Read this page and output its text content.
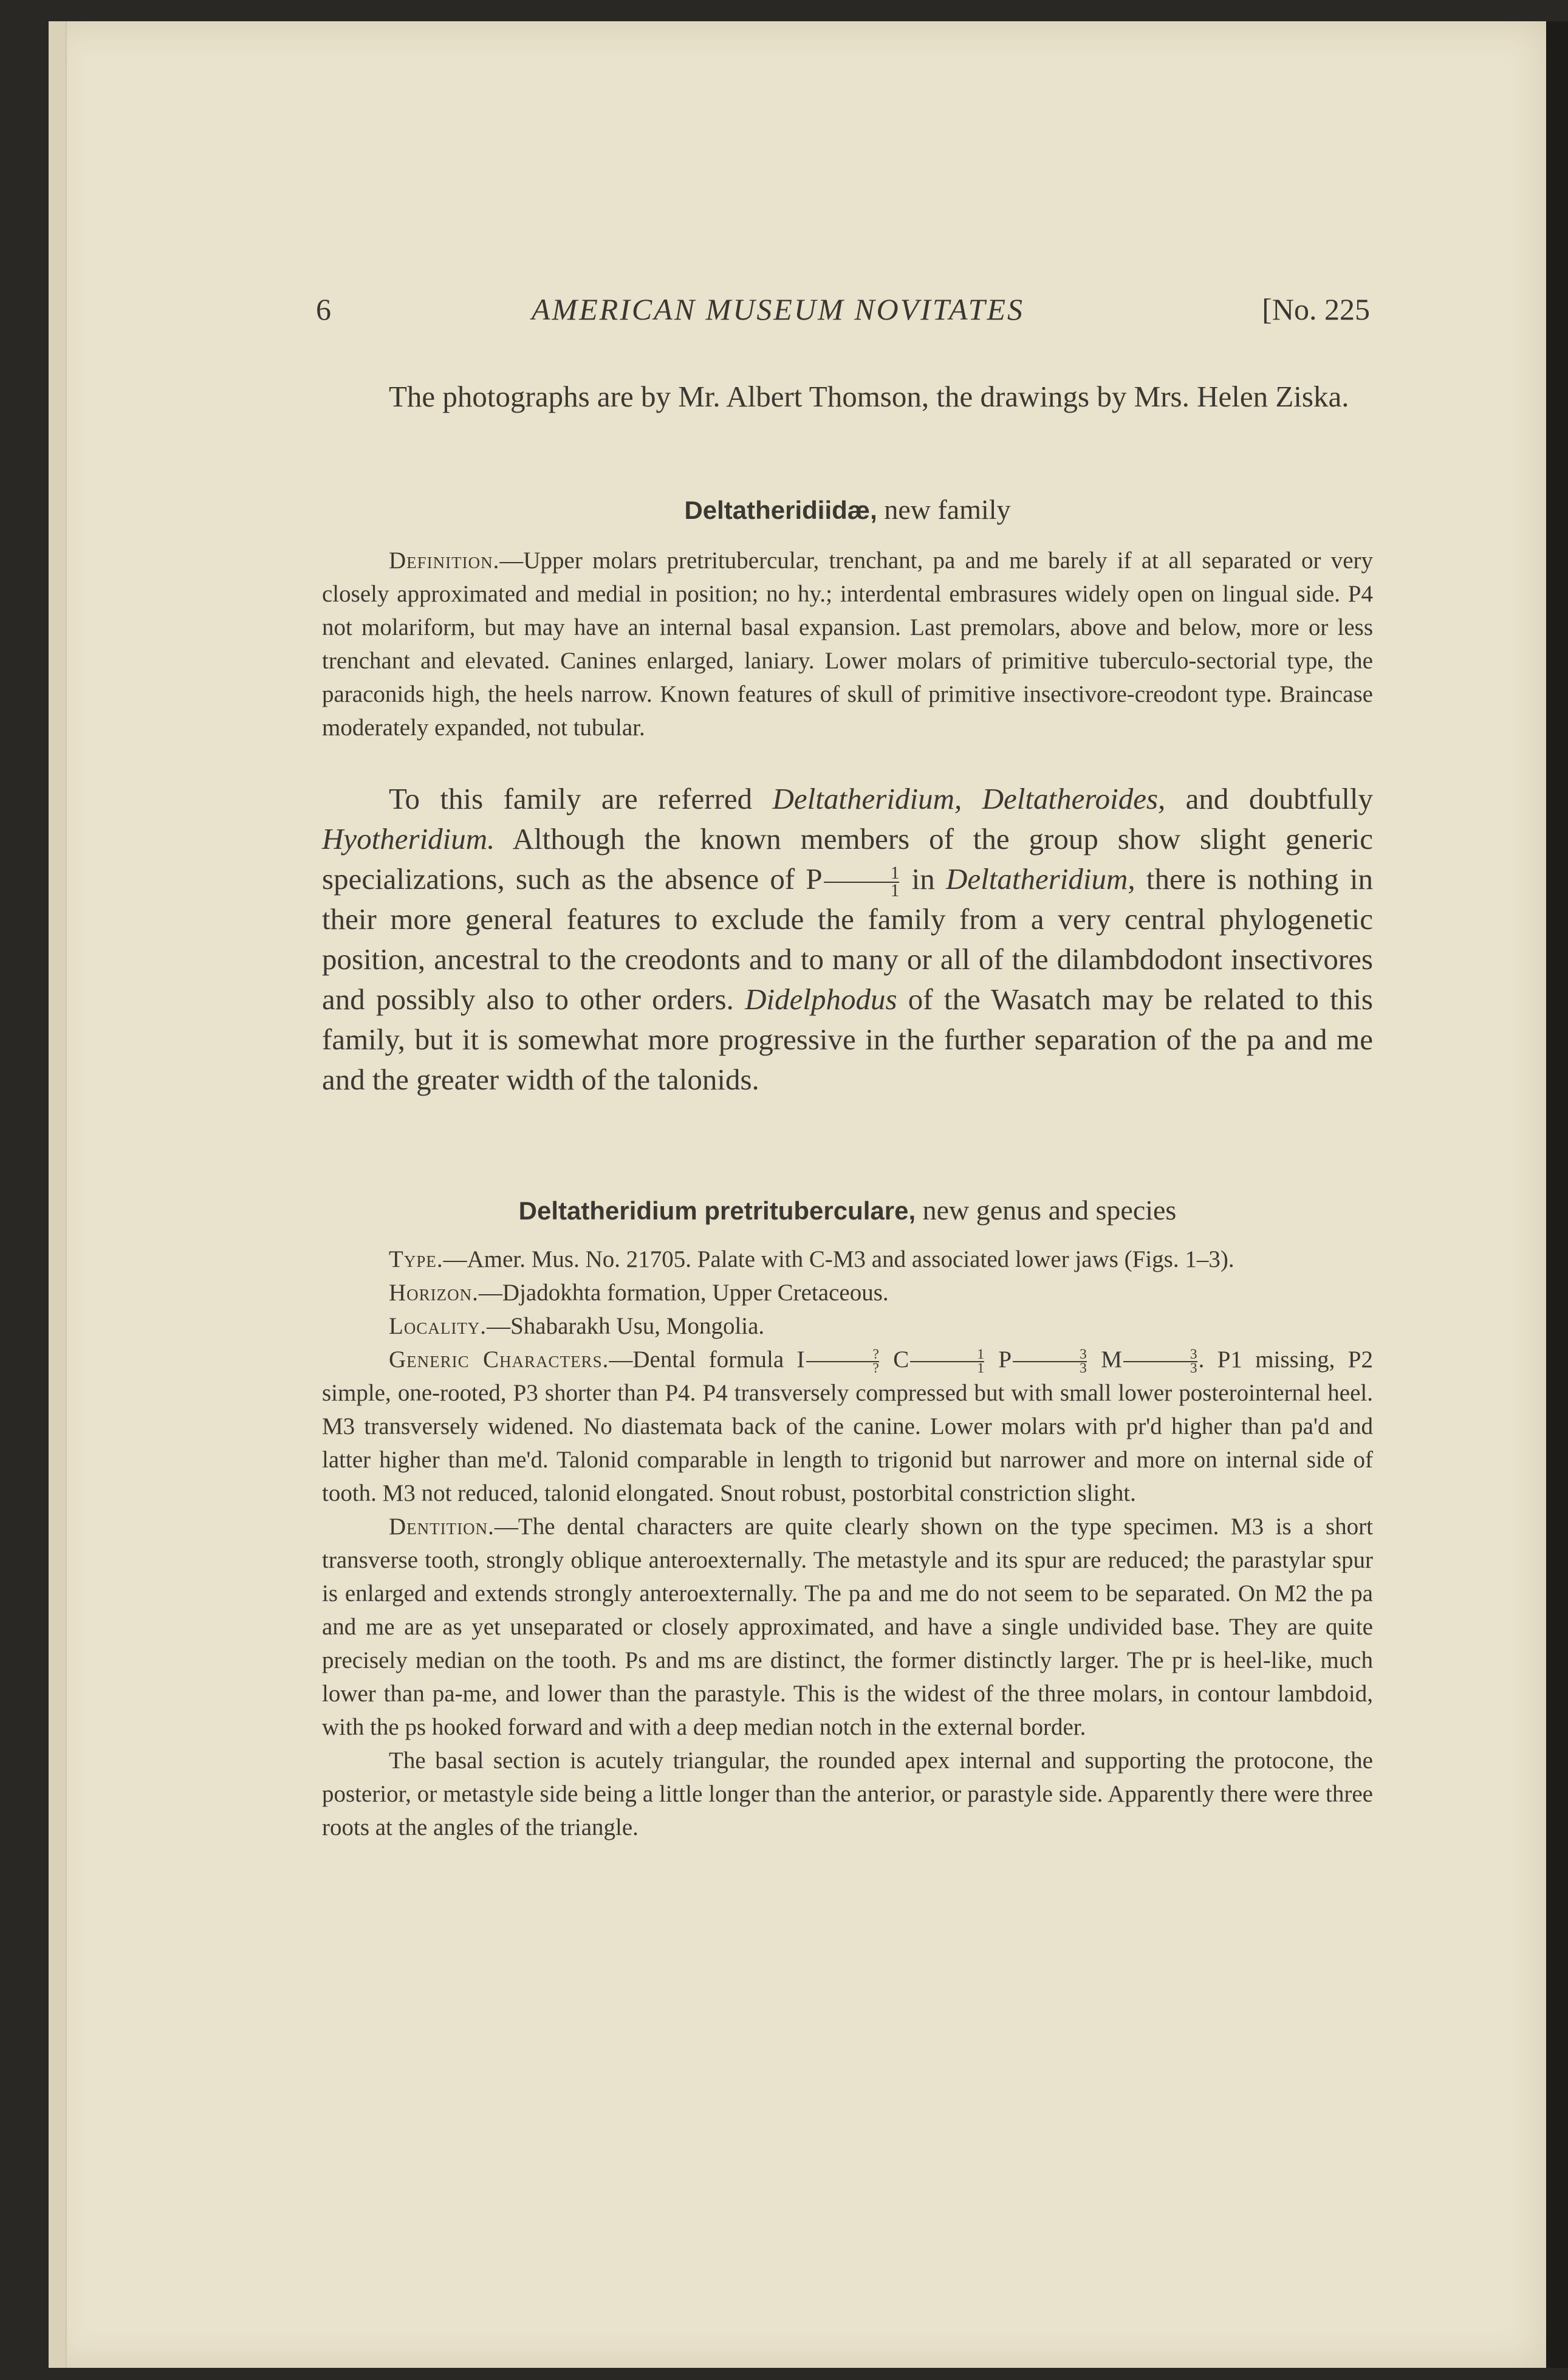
6	AMERICAN MUSEUM NOVITATES	[No. 225

The photographs are by Mr. Albert Thomson, the drawings by Mrs. Helen Ziska.

Deltatheridiidæ, new family

Definition.—Upper molars pretritubercular, trenchant, pa and me barely if at all separated or very closely approximated and medial in position; no hy.; interdental embrasures widely open on lingual side. P4 not molariform, but may have an internal basal expansion. Last premolars, above and below, more or less trenchant and elevated. Canines enlarged, laniary. Lower molars of primitive tuberculo-sectorial type, the paraconids high, the heels narrow. Known features of skull of primitive insectivore-creodont type. Braincase moderately expanded, not tubular.

To this family are referred Deltatheridium, Deltatheroides, and doubtfully Hyotheridium. Although the known members of the group show slight generic specializations, such as the absence of P $\frac{1}{1}$ in Deltatheridium, there is nothing in their more general features to exclude the family from a very central phylogenetic position, ancestral to the creodonts and to many or all of the dilambdodont insectivores and possibly also to other orders. Didelphodus of the Wasatch may be related to this family, but it is somewhat more progressive in the further separation of the pa and me and the greater width of the talonids.

Deltatheridium pretrituberculare, new genus and species

Type.—Amer. Mus. No. 21705. Palate with C-M3 and associated lower jaws (Figs. 1–3).

Horizon.—Djadokhta formation, Upper Cretaceous.

Locality.—Shabarakh Usu, Mongolia.

Generic Characters.—Dental formula I $\frac{?}{?}$ C $\frac{1}{1}$ P $\frac{3}{3}$ M $\frac{3}{3}$ . P1 missing, P2 simple, one-rooted, P3 shorter than P4. P4 transversely compressed but with small lower posterointernal heel. M3 transversely widened. No diastemata back of the canine. Lower molars with pr'd higher than pa'd and latter higher than me'd. Talonid comparable in length to trigonid but narrower and more on internal side of tooth. M3 not reduced, talonid elongated. Snout robust, postorbital constriction slight.

Dentition.—The dental characters are quite clearly shown on the type specimen. M3 is a short transverse tooth, strongly oblique anteroexternally. The metastyle and its spur are reduced; the parastylar spur is enlarged and extends strongly anteroexternally. The pa and me do not seem to be separated. On M2 the pa and me are as yet unseparated or closely approximated, and have a single undivided base. They are quite precisely median on the tooth. Ps and ms are distinct, the former distinctly larger. The pr is heel-like, much lower than pa-me, and lower than the parastyle. This is the widest of the three molars, in contour lambdoid, with the ps hooked forward and with a deep median notch in the external border.

The basal section is acutely triangular, the rounded apex internal and supporting the protocone, the posterior, or metastyle side being a little longer than the anterior, or parastyle side. Apparently there were three roots at the angles of the triangle.
